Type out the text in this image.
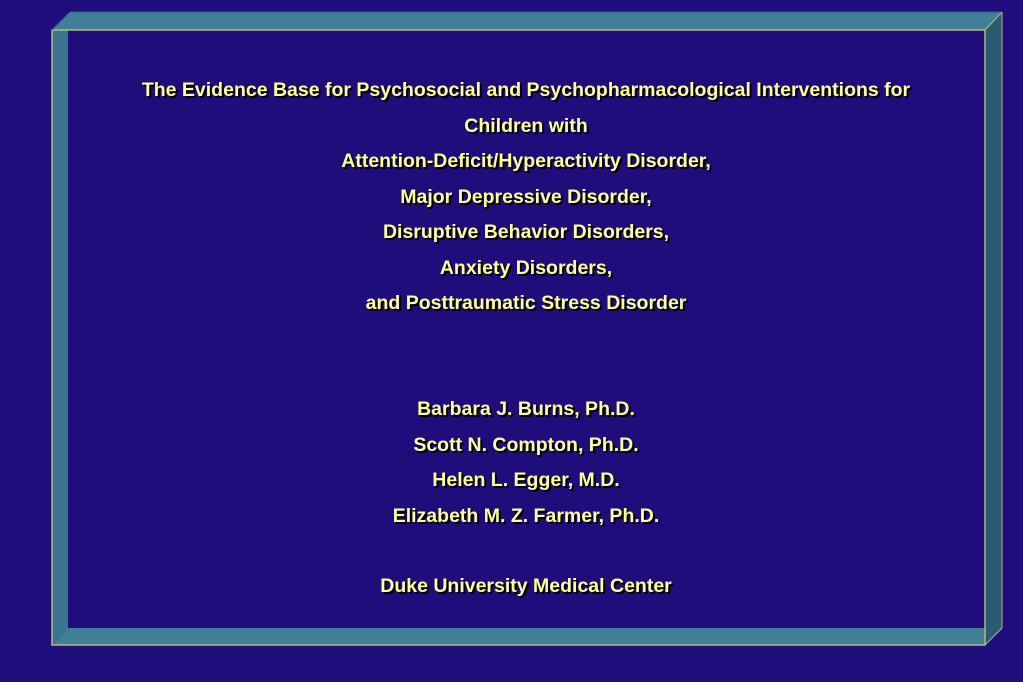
The Evidence Base for Psychosocial and Psychopharmacological Interventions for
Children with
Attention-Deficit/Hyperactivity Disorder,
Major Depressive Disorder,
Disruptive Behavior Disorders,
Anxiety Disorders,
and Posttraumatic Stress Disorder
Barbara J. Burns, Ph.D.
Scott N. Compton, Ph.D.
Helen L. Egger, M.D.
Elizabeth M. Z. Farmer, Ph.D.
Duke University Medical Center
